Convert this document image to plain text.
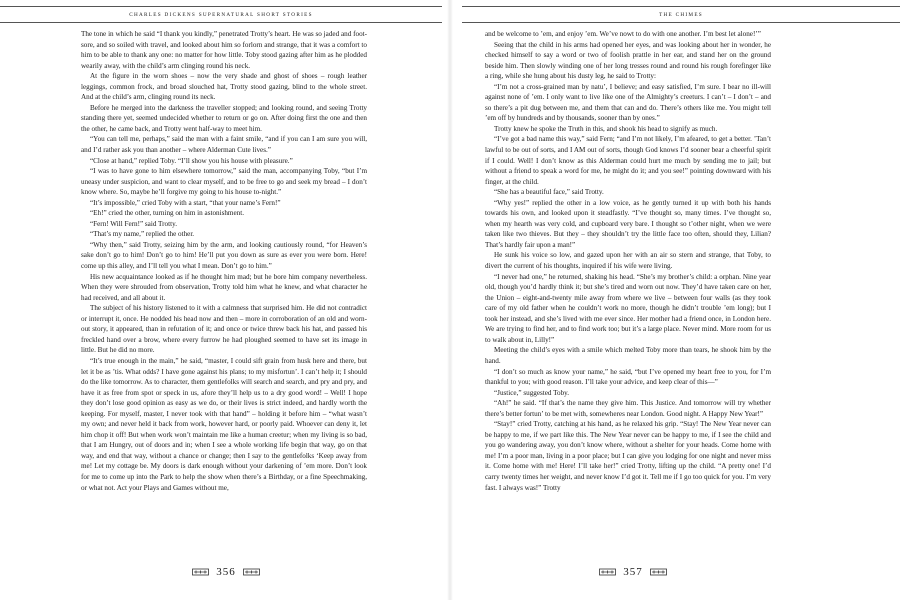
CHARLES DICKENS SUPERNATURAL SHORT STORIES

The tone in which he said “I thank you kindly,” penetrated Trotty’s heart. He was so jaded and foot-sore, and so soiled with travel, and looked about him so forlorn and strange, that it was a comfort to him to be able to thank any one: no matter for how little. Toby stood gazing after him as he plodded wearily away, with the child’s arm clinging round his neck.

At the figure in the worn shoes – now the very shade and ghost of shoes – rough leather leggings, common frock, and broad slouched hat, Trotty stood gazing, blind to the whole street. And at the child’s arm, clinging round its neck.

Before he merged into the darkness the traveller stopped; and looking round, and seeing Trotty standing there yet, seemed undecided whether to return or go on. After doing first the one and then the other, he came back, and Trotty went half-way to meet him.

“You can tell me, perhaps,” said the man with a faint smile, “and if you can I am sure you will, and I’d rather ask you than another – where Alderman Cute lives.”

“Close at hand,” replied Toby. “I’ll show you his house with pleasure.”

“I was to have gone to him elsewhere tomorrow,” said the man, accompanying Toby, “but I’m uneasy under suspicion, and want to clear myself, and to be free to go and seek my bread – I don’t know where. So, maybe he’ll forgive my going to his house to-night.”

“It’s impossible,” cried Toby with a start, “that your name’s Fern!”

“Eh!” cried the other, turning on him in astonishment.

“Fern! Will Fern!” said Trotty.

“That’s my name,” replied the other.

“Why then,” said Trotty, seizing him by the arm, and looking cautiously round, “for Heaven’s sake don’t go to him! Don’t go to him! He’ll put you down as sure as ever you were born. Here! come up this alley, and I’ll tell you what I mean. Don’t go to him.”

His new acquaintance looked as if he thought him mad; but he bore him company nevertheless. When they were shrouded from observation, Trotty told him what he knew, and what character he had received, and all about it.

The subject of his history listened to it with a calmness that surprised him. He did not contradict or interrupt it, once. He nodded his head now and then – more in corroboration of an old and worn-out story, it appeared, than in refutation of it; and once or twice threw back his hat, and passed his freckled hand over a brow, where every furrow he had ploughed seemed to have set its image in little. But he did no more.

“It’s true enough in the main,” he said, “master, I could sift grain from husk here and there, but let it be as ’tis. What odds? I have gone against his plans; to my misfortun’. I can’t help it; I should do the like tomorrow. As to character, them gentlefolks will search and search, and pry and pry, and have it as free from spot or speck in us, afore they’ll help us to a dry good word! – Well! I hope they don’t lose good opinion as easy as we do, or their lives is strict indeed, and hardly worth the keeping. For myself, master, I never took with that hand” – holding it before him – “what wasn’t my own; and never held it back from work, however hard, or poorly paid. Whoever can deny it, let him chop it off! But when work won’t maintain me like a human creetur; when my living is so bad, that I am Hungry, out of doors and in; when I see a whole working life begin that way, go on that way, and end that way, without a chance or change; then I say to the gentlefolks ‘Keep away from me! Let my cottage be. My doors is dark enough without your darkening of ’em more. Don’t look for me to come up into the Park to help the show when there’s a Birthday, or a fine Speechmaking, or what not. Act your Plays and Games without me,

356
THE CHIMES

and be welcome to ’em, and enjoy ’em. We’ve nowt to do with one another. I’m best let alone!’”

Seeing that the child in his arms had opened her eyes, and was looking about her in wonder, he checked himself to say a word or two of foolish prattle in her ear, and stand her on the ground beside him. Then slowly winding one of her long tresses round and round his rough forefinger like a ring, while she hung about his dusty leg, he said to Trotty:

“I’m not a cross-grained man by natu’, I believe; and easy satisfied, I’m sure. I bear no ill-will against none of ’em. I only want to live like one of the Almighty’s creeturs. I can’t – I don’t – and so there’s a pit dug between me, and them that can and do. There’s others like me. You might tell ’em off by hundreds and by thousands, sooner than by ones.”

Trotty knew he spoke the Truth in this, and shook his head to signify as much.

“I’ve got a bad name this way,” said Fern; “and I’m not likely, I’m afeared, to get a better. ’Tan’t lawful to be out of sorts, and I AM out of sorts, though God knows I’d sooner bear a cheerful spirit if I could. Well! I don’t know as this Alderman could hurt me much by sending me to jail; but without a friend to speak a word for me, he might do it; and you see!” pointing downward with his finger, at the child.

“She has a beautiful face,” said Trotty.

“Why yes!” replied the other in a low voice, as he gently turned it up with both his hands towards his own, and looked upon it steadfastly. “I’ve thought so, many times. I’ve thought so, when my hearth was very cold, and cupboard very bare. I thought so t’other night, when we were taken like two thieves. But they – they shouldn’t try the little face too often, should they, Lilian? That’s hardly fair upon a man!”

He sunk his voice so low, and gazed upon her with an air so stern and strange, that Toby, to divert the current of his thoughts, inquired if his wife were living.

“I never had one,” he returned, shaking his head. “She’s my brother’s child: a orphan. Nine year old, though you’d hardly think it; but she’s tired and worn out now. They’d have taken care on her, the Union – eight-and-twenty mile away from where we live – between four walls (as they took care of my old father when he couldn’t work no more, though he didn’t trouble ’em long); but I took her instead, and she’s lived with me ever since. Her mother had a friend once, in London here. We are trying to find her, and to find work too; but it’s a large place. Never mind. More room for us to walk about in, Lilly!”

Meeting the child’s eyes with a smile which melted Toby more than tears, he shook him by the hand.

“I don’t so much as know your name,” he said, “but I’ve opened my heart free to you, for I’m thankful to you; with good reason. I’ll take your advice, and keep clear of this—”

“Justice,” suggested Toby.

“Ah!” he said. “If that’s the name they give him. This Justice. And tomorrow will try whether there’s better fortun’ to be met with, somewheres near London. Good night. A Happy New Year!”

“Stay!” cried Trotty, catching at his hand, as he relaxed his grip. “Stay! The New Year never can be happy to me, if we part like this. The New Year never can be happy to me, if I see the child and you go wandering away, you don’t know where, without a shelter for your heads. Come home with me! I’m a poor man, living in a poor place; but I can give you lodging for one night and never miss it. Come home with me! Here! I’ll take her!” cried Trotty, lifting up the child. “A pretty one! I’d carry twenty times her weight, and never know I’d got it. Tell me if I go too quick for you. I’m very fast. I always was!” Trotty

357
